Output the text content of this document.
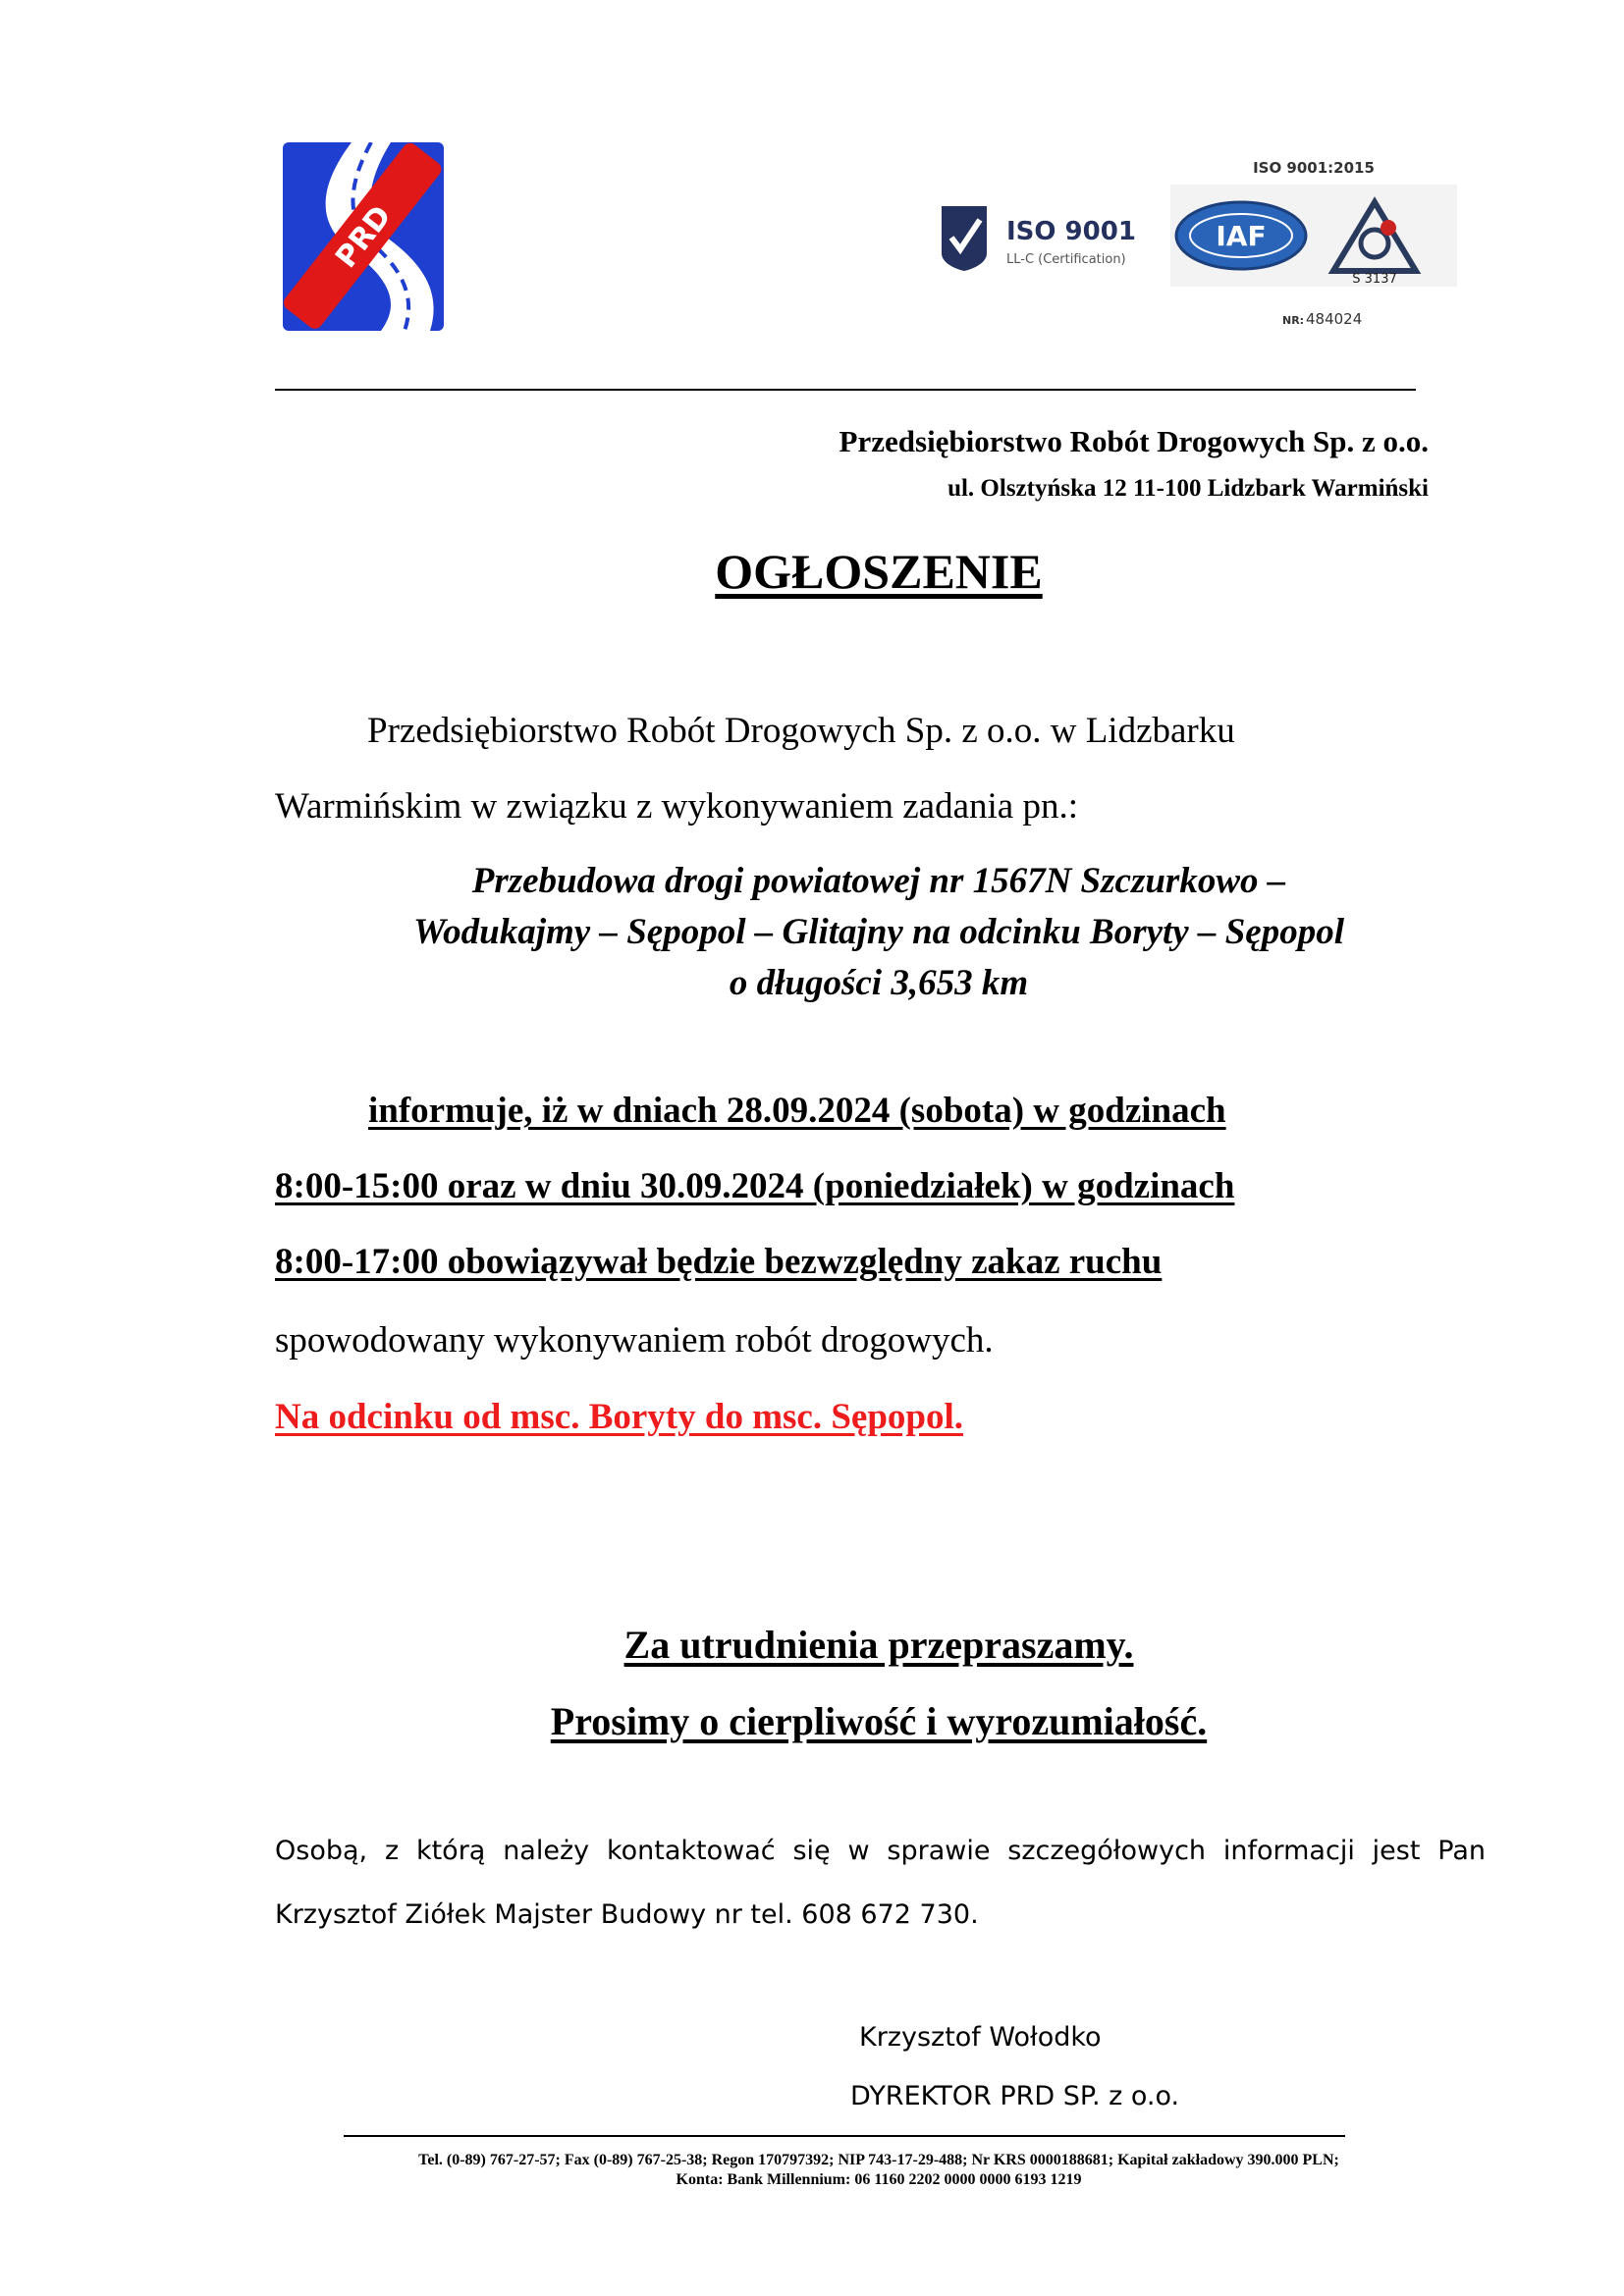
PRD	ISO 9001
LL-C (Certification)
ISO 9001:2015
IAF
S 3137
NR: 484024
Przedsiębiorstwo Robót Drogowych Sp. z o.o.
ul. Olsztyńska 12 11-100 Lidzbark Warmiński
OGŁOSZENIE
Przedsiębiorstwo Robót Drogowych Sp. z o.o. w Lidzbarku
Warmińskim w związku z wykonywaniem zadania pn.:
Przebudowa drogi powiatowej nr 1567N Szczurkowo –
Wodukajmy – Sępopol – Glitajny na odcinku Boryty – Sępopol
o długości 3,653 km
informuje, iż w dniach 28.09.2024 (sobota) w godzinach
8:00-15:00 oraz w dniu 30.09.2024 (poniedziałek) w godzinach
8:00-17:00 obowiązywał będzie bezwzględny zakaz ruchu
spowodowany wykonywaniem robót drogowych.
Na odcinku od msc. Boryty do msc. Sępopol.
Za utrudnienia przepraszamy.
Prosimy o cierpliwość i wyrozumiałość.
Osobą, z którą należy kontaktować się w sprawie szczegółowych informacji jest Pan
Krzysztof Ziółek Majster Budowy nr tel. 608 672 730.
Krzysztof Wołodko
DYREKTOR PRD SP. z o.o.
Tel. (0-89) 767-27-57; Fax (0-89) 767-25-38; Regon 170797392; NIP 743-17-29-488; Nr KRS 0000188681; Kapitał zakładowy 390.000 PLN;
Konta: Bank Millennium: 06 1160 2202 0000 0000 6193 1219
